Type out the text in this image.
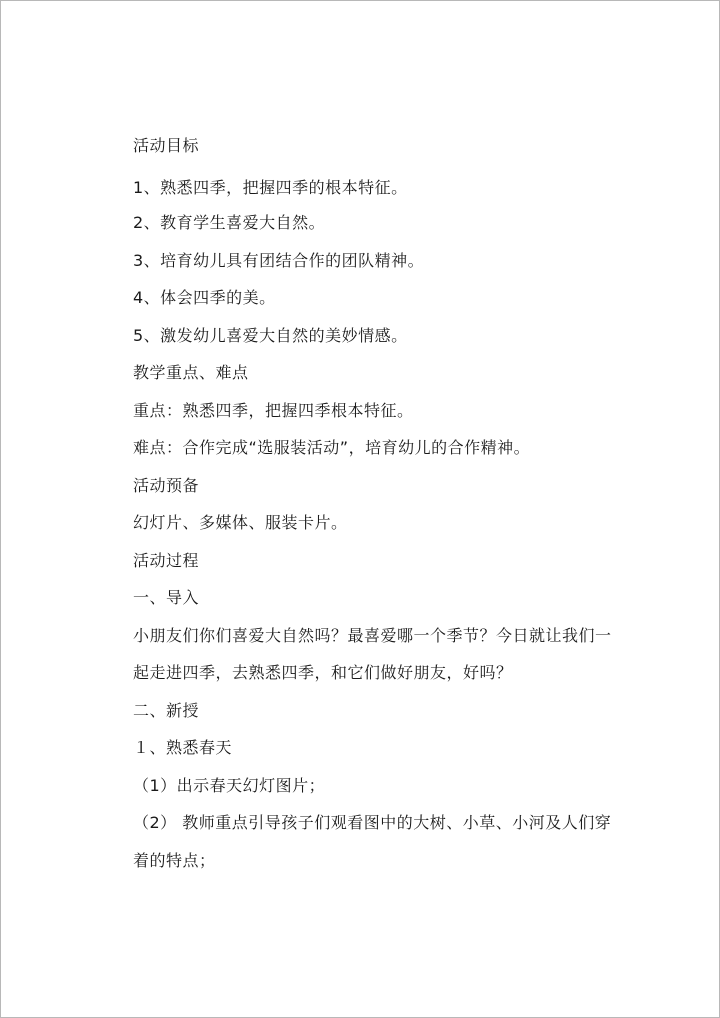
活动目标
1、熟悉四季，把握四季的根本特征。
2、教育学生喜爱大自然。
3、培育幼儿具有团结合作的团队精神。
4、体会四季的美。
5、激发幼儿喜爱大自然的美妙情感。
教学重点、难点
重点：熟悉四季，把握四季根本特征。
难点：合作完成“选服装活动”，培育幼儿的合作精神。
活动预备
幻灯片、多媒体、服装卡片。
活动过程
一、导入
小朋友们你们喜爱大自然吗？最喜爱哪一个季节？今日就让我们一
起走进四季，去熟悉四季，和它们做好朋友，好吗？
二、新授
１、熟悉春天
（1）出示春天幻灯图片；
（2） 教师重点引导孩子们观看图中的大树、小草、小河及人们穿
着的特点；
